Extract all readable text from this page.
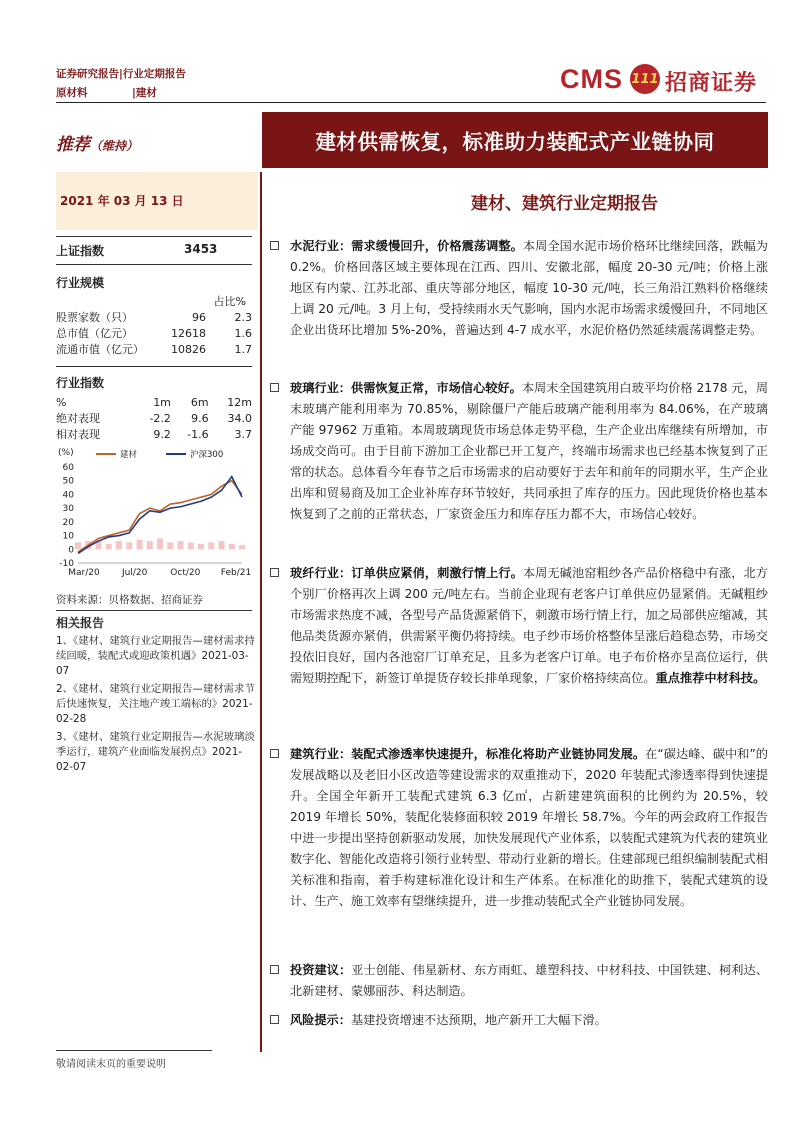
证券研究报告|行业定期报告
原材料	|建材	CMS 111 招商证券
推荐（维持）	建材供需恢复，标准助力装配式产业链协同
2021 年 03 月 13 日	建材、建筑行业定期报告
上证指数	3453
行业规模
占比%
股票家数（只）	96	2.3
总市值（亿元）	12618	1.6
流通市值（亿元）	10826	1.7
行业指数
%	1m	6m	12m
绝对表现	-2.2	9.6	34.0
相对表现	9.2	-1.6	3.7
(%)
60
50
40
30
20
10
0
-10
建材	沪深300
Mar/20 Jul/20	Oct/20 Feb/21
资料来源：贝格数据、招商证券
相关报告
1、《建材、建筑行业定期报告—建材需求持续回暖，装配式或迎政策机遇》2021-03-07
2、《建材、建筑行业定期报告—建材需求节后快速恢复，关注地产竣工端标的》2021-02-28
3、《建材、建筑行业定期报告—水泥玻璃淡季运行，建筑产业面临发展拐点》2021-02-07

水泥行业：需求缓慢回升，价格震荡调整。本周全国水泥市场价格环比继续回落，跌幅为 0.2%。价格回落区域主要体现在江西、四川、安徽北部，幅度 20-30 元/吨；价格上涨地区有内蒙、江苏北部、重庆等部分地区，幅度 10-30 元/吨，长三角沿江熟料价格继续上调 20 元/吨。3 月上旬，受持续雨水天气影响，国内水泥市场需求缓慢回升，不同地区企业出货环比增加 5%-20%，普遍达到 4-7 成水平，水泥价格仍然延续震荡调整走势。

玻璃行业：供需恢复正常，市场信心较好。本周末全国建筑用白玻平均价格 2178 元，周末玻璃产能利用率为 70.85%，剔除僵尸产能后玻璃产能利用率为 84.06%，在产玻璃产能 97962 万重箱。本周玻璃现货市场总体走势平稳，生产企业出库继续有所增加，市场成交尚可。由于目前下游加工企业都已开工复产，终端市场需求也已经基本恢复到了正常的状态。总体看今年春节之后市场需求的启动要好于去年和前年的同期水平，生产企业出库和贸易商及加工企业补库存环节较好，共同承担了库存的压力。因此现货价格也基本恢复到了之前的正常状态，厂家资金压力和库存压力都不大，市场信心较好。

玻纤行业：订单供应紧俏，刺激行情上行。本周无碱池窑粗纱各产品价格稳中有涨，北方个别厂价格再次上调 200 元/吨左右。当前企业现有老客户订单供应仍显紧俏。无碱粗纱市场需求热度不减，各型号产品货源紧俏下，刺激市场行情上行，加之局部供应缩减，其他品类货源亦紧俏，供需紧平衡仍将持续。电子纱市场价格整体呈涨后趋稳态势，市场交投依旧良好，国内各池窑厂订单充足，且多为老客户订单。电子布价格亦呈高位运行，供需短期控配下，新签订单提货存较长排单现象，厂家价格持续高位。重点推荐中材科技。

建筑行业：装配式渗透率快速提升，标准化将助产业链协同发展。在“碳达峰、碳中和”的发展战略以及老旧小区改造等建设需求的双重推动下，2020 年装配式渗透率得到快速提升。全国全年新开工装配式建筑 6.3 亿㎡，占新建建筑面积的比例约为 20.5%，较 2019 年增长 50%，装配化装修面积较 2019 年增长 58.7%。今年的两会政府工作报告中进一步提出坚持创新驱动发展，加快发展现代产业体系，以装配式建筑为代表的建筑业数字化、智能化改造将引领行业转型、带动行业新的增长。住建部现已组织编制装配式相关标准和指南，着手构建标准化设计和生产体系。在标准化的助推下，装配式建筑的设计、生产、施工效率有望继续提升，进一步推动装配式全产业链协同发展。

投资建议：亚士创能、伟星新材、东方雨虹、雄塑科技、中材科技、中国铁建、柯利达、北新建材、蒙娜丽莎、科达制造。

风险提示：基建投资增速不达预期，地产新开工大幅下滑。

敬请阅读末页的重要说明
